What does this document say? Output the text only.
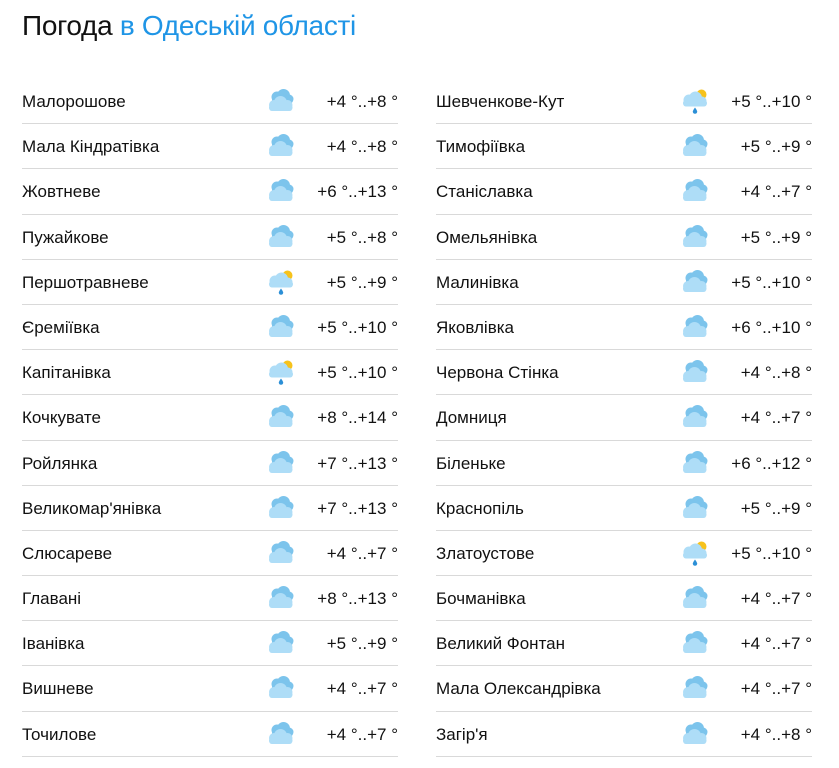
Погода в Одеській області
Малорошове	+4 °..+8 °
Мала Кіндратівка	+4 °..+8 °
Жовтневе	+6 °..+13 °
Пужайкове	+5 °..+8 °
Першотравневе	+5 °..+9 °
Єреміївка	+5 °..+10 °
Капітанівка	+5 °..+10 °
Кочкувате	+8 °..+14 °
Ройлянка	+7 °..+13 °
Великомар'янівка	+7 °..+13 °
Слюсареве	+4 °..+7 °
Главані	+8 °..+13 °
Іванівка	+5 °..+9 °
Вишневе	+4 °..+7 °
Точилове	+4 °..+7 °
Шевченкове-Кут	+5 °..+10 °
Тимофіївка	+5 °..+9 °
Станіславка	+4 °..+7 °
Омельянівка	+5 °..+9 °
Малинівка	+5 °..+10 °
Яковлівка	+6 °..+10 °
Червона Стінка	+4 °..+8 °
Домниця	+4 °..+7 °
Біленьке	+6 °..+12 °
Краснопіль	+5 °..+9 °
Златоустове	+5 °..+10 °
Бочманівка	+4 °..+7 °
Великий Фонтан	+4 °..+7 °
Мала Олександрівка	+4 °..+7 °
Загір'я	+4 °..+8 °
